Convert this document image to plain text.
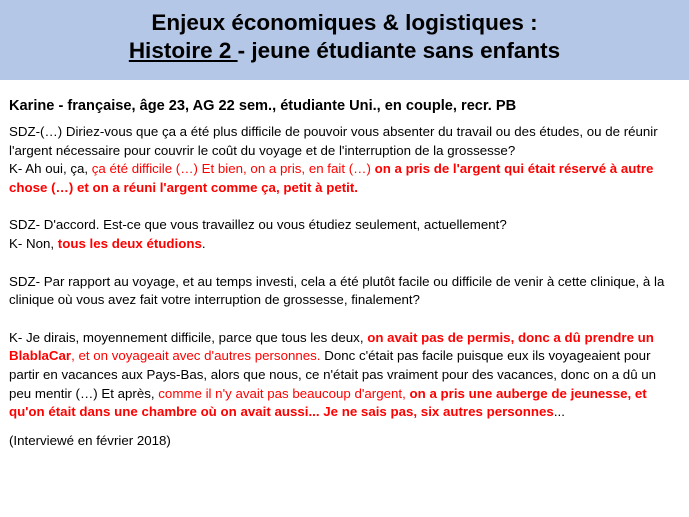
Enjeux économiques & logistiques :
Histoire 2 - jeune étudiante sans enfants
Karine - française, âge 23, AG 22 sem., étudiante Uni., en couple, recr. PB

SDZ-(…) Diriez-vous que ça a été plus difficile de pouvoir vous absenter du travail ou des études, ou de réunir l'argent nécessaire pour couvrir le coût du voyage et de l'interruption de la grossesse?

K- Ah oui, ça, ça été difficile (…) Et bien, on a pris, en fait (…) on a pris de l'argent qui était réservé à autre chose (…) et on a réuni l'argent comme ça, petit à petit.

SDZ- D'accord. Est-ce que vous travaillez ou vous étudiez seulement, actuellement?

K- Non, tous les deux étudions.

SDZ- Par rapport au voyage, et au temps investi, cela a été plutôt facile ou difficile de venir à cette clinique, à la clinique où vous avez fait votre interruption de grossesse, finalement?

K- Je dirais, moyennement difficile, parce que tous les deux, on avait pas de permis, donc a dû prendre un BlablaCar, et on voyageait avec d'autres personnes. Donc c'était pas facile puisque eux ils voyageaient pour partir en vacances aux Pays-Bas, alors que nous, ce n'était pas vraiment pour des vacances, donc on a dû un peu mentir (…) Et après, comme il n'y avait pas beaucoup d'argent, on a pris une auberge de jeunesse, et qu'on était dans une chambre où on avait aussi... Je ne sais pas, six autres personnes...

(Interviewé en février 2018)
